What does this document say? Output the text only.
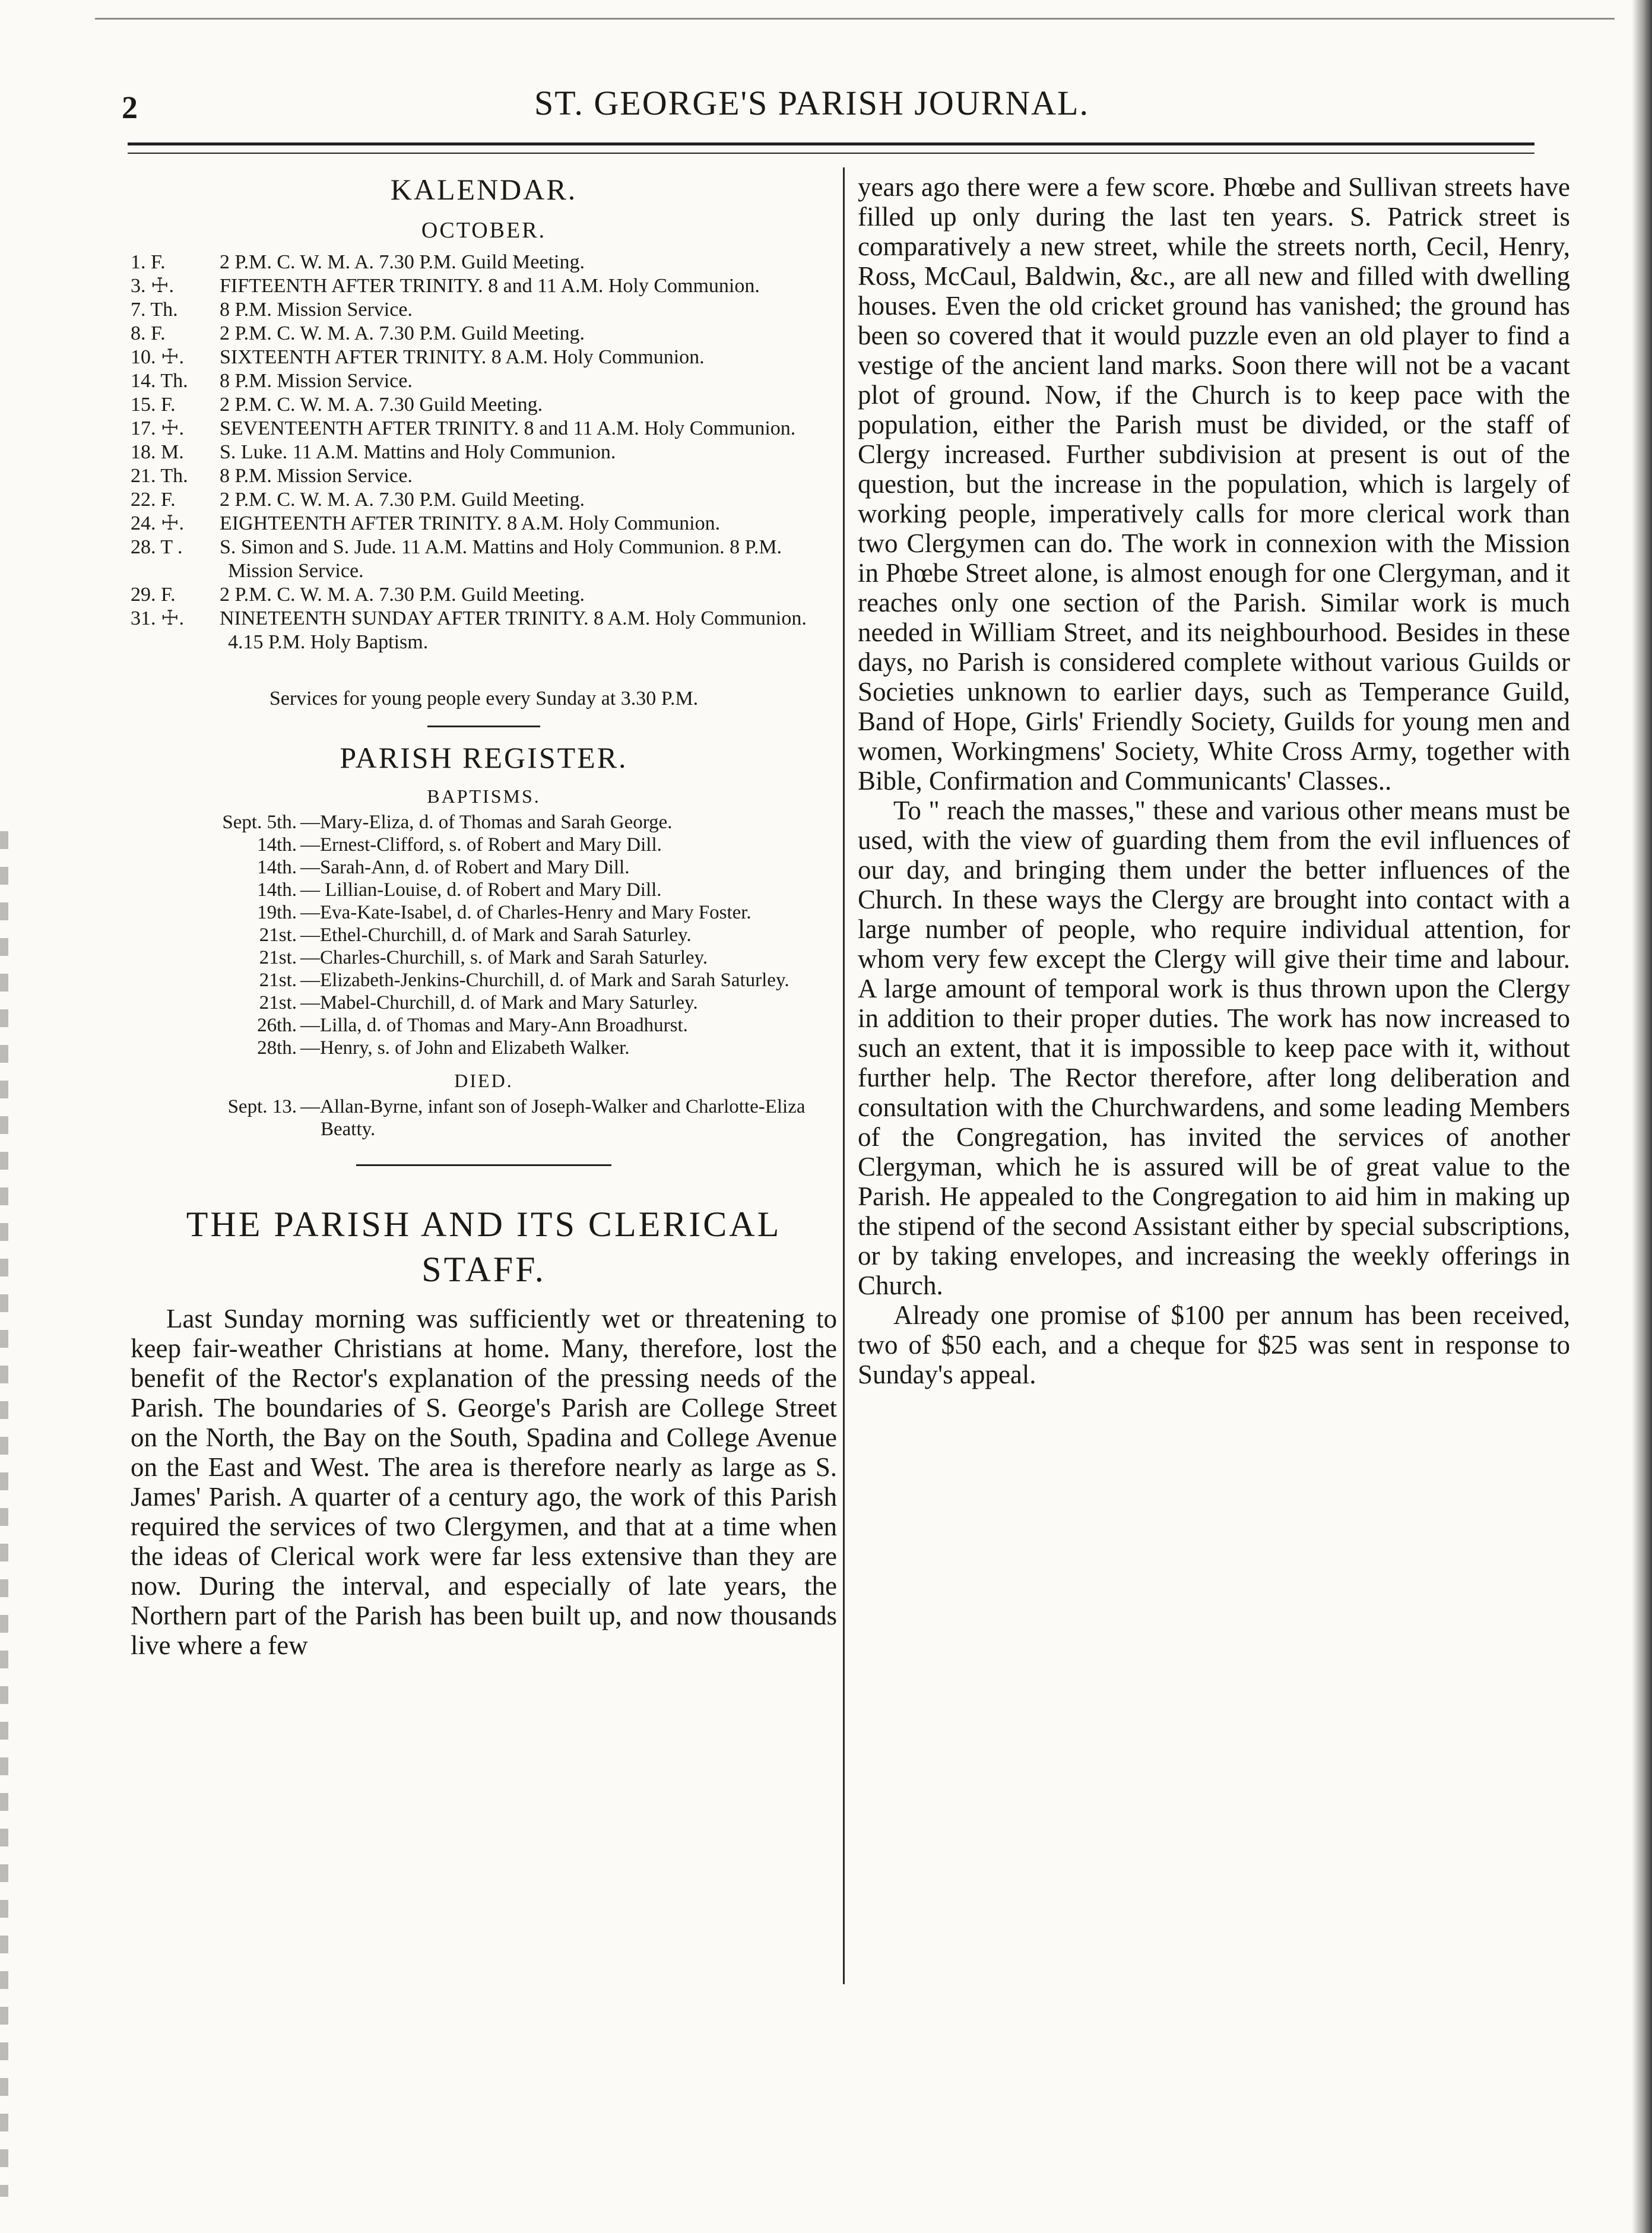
2	ST. GEORGE'S PARISH JOURNAL.
KALENDAR.
OCTOBER.
1. F.	2 P.M. C. W. M. A. 7.30 P.M. Guild Meeting.
3. ☩.	FIFTEENTH AFTER TRINITY. 8 and 11 A.M. Holy Communion.
7. Th.	8 P.M. Mission Service.
8. F.	2 P.M. C. W. M. A. 7.30 P.M. Guild Meeting.
10. ☩.	SIXTEENTH AFTER TRINITY. 8 A.M. Holy Communion.
14. Th.	8 P.M. Mission Service.
15. F.	2 P.M. C. W. M. A. 7.30 Guild Meeting.
17. ☩.	SEVENTEENTH AFTER TRINITY. 8 and 11 A.M. Holy Communion.
18. M.	S. Luke. 11 A.M. Mattins and Holy Communion.
21. Th.	8 P.M. Mission Service.
22. F.	2 P.M. C. W. M. A. 7.30 P.M. Guild Meeting.
24. ☩.	EIGHTEENTH AFTER TRINITY. 8 A.M. Holy Communion.
28. T .	S. Simon and S. Jude. 11 A.M. Mattins and Holy Communion. 8 P.M. Mission Service.
29. F.	2 P.M. C. W. M. A. 7.30 P.M. Guild Meeting.
31. ☩.	NINETEENTH SUNDAY AFTER TRINITY. 8 A.M. Holy Communion. 4.15 P.M. Holy Baptism.
Services for young people every Sunday at 3.30 P.M.
PARISH REGISTER.
BAPTISMS.
Sept. 5th. —Mary-Eliza, d. of Thomas and Sarah George.
14th. —Ernest-Clifford, s. of Robert and Mary Dill.
14th. —Sarah-Ann, d. of Robert and Mary Dill.
14th. — Lillian-Louise, d. of Robert and Mary Dill.
19th. —Eva-Kate-Isabel, d. of Charles-Henry and Mary Foster.
21st. —Ethel-Churchill, d. of Mark and Sarah Saturley.
21st. —Charles-Churchill, s. of Mark and Sarah Saturley.
21st. —Elizabeth-Jenkins-Churchill, d. of Mark and Sarah Saturley.
21st. —Mabel-Churchill, d. of Mark and Mary Saturley.
26th. —Lilla, d. of Thomas and Mary-Ann Broadhurst.
28th. —Henry, s. of John and Elizabeth Walker.
DIED.
Sept. 13. —Allan-Byrne, infant son of Joseph-Walker and Charlotte-Eliza Beatty.
THE PARISH AND ITS CLERICAL
STAFF.
Last Sunday morning was sufficiently wet or threatening to keep fair-weather Christians at home. Many, therefore, lost the benefit of the Rector's explanation of the pressing needs of the Parish. The boundaries of S. George's Parish are College Street on the North, the Bay on the South, Spadina and College Avenue on the East and West. The area is therefore nearly as large as S. James' Parish. A quarter of a century ago, the work of this Parish required the services of two Clergymen, and that at a time when the ideas of Clerical work were far less extensive than they are now. During the interval, and especially of late years, the Northern part of the Parish has been built up, and now thousands live where a few

years ago there were a few score. Phœbe and Sullivan streets have filled up only during the last ten years. S. Patrick street is comparatively a new street, while the streets north, Cecil, Henry, Ross, McCaul, Baldwin, &c., are all new and filled with dwelling houses. Even the old cricket ground has vanished; the ground has been so covered that it would puzzle even an old player to find a vestige of the ancient land marks. Soon there will not be a vacant plot of ground. Now, if the Church is to keep pace with the population, either the Parish must be divided, or the staff of Clergy increased. Further subdivision at present is out of the question, but the increase in the population, which is largely of working people, imperatively calls for more clerical work than two Clergymen can do. The work in connexion with the Mission in Phœbe Street alone, is almost enough for one Clergyman, and it reaches only one section of the Parish. Similar work is much needed in William Street, and its neighbourhood. Besides in these days, no Parish is considered complete without various Guilds or Societies unknown to earlier days, such as Temperance Guild, Band of Hope, Girls' Friendly Society, Guilds for young men and women, Workingmens' Society, White Cross Army, together with Bible, Confirmation and Communicants' Classes..

To " reach the masses," these and various other means must be used, with the view of guarding them from the evil influences of our day, and bringing them under the better influences of the Church. In these ways the Clergy are brought into contact with a large number of people, who require individual attention, for whom very few except the Clergy will give their time and labour. A large amount of temporal work is thus thrown upon the Clergy in addition to their proper duties. The work has now increased to such an extent, that it is impossible to keep pace with it, without further help. The Rector therefore, after long deliberation and consultation with the Churchwardens, and some leading Members of the Congregation, has invited the services of another Clergyman, which he is assured will be of great value to the Parish. He appealed to the Congregation to aid him in making up the stipend of the second Assistant either by special subscriptions, or by taking envelopes, and increasing the weekly offerings in Church.

Already one promise of $100 per annum has been received, two of $50 each, and a cheque for $25 was sent in response to Sunday's appeal.
